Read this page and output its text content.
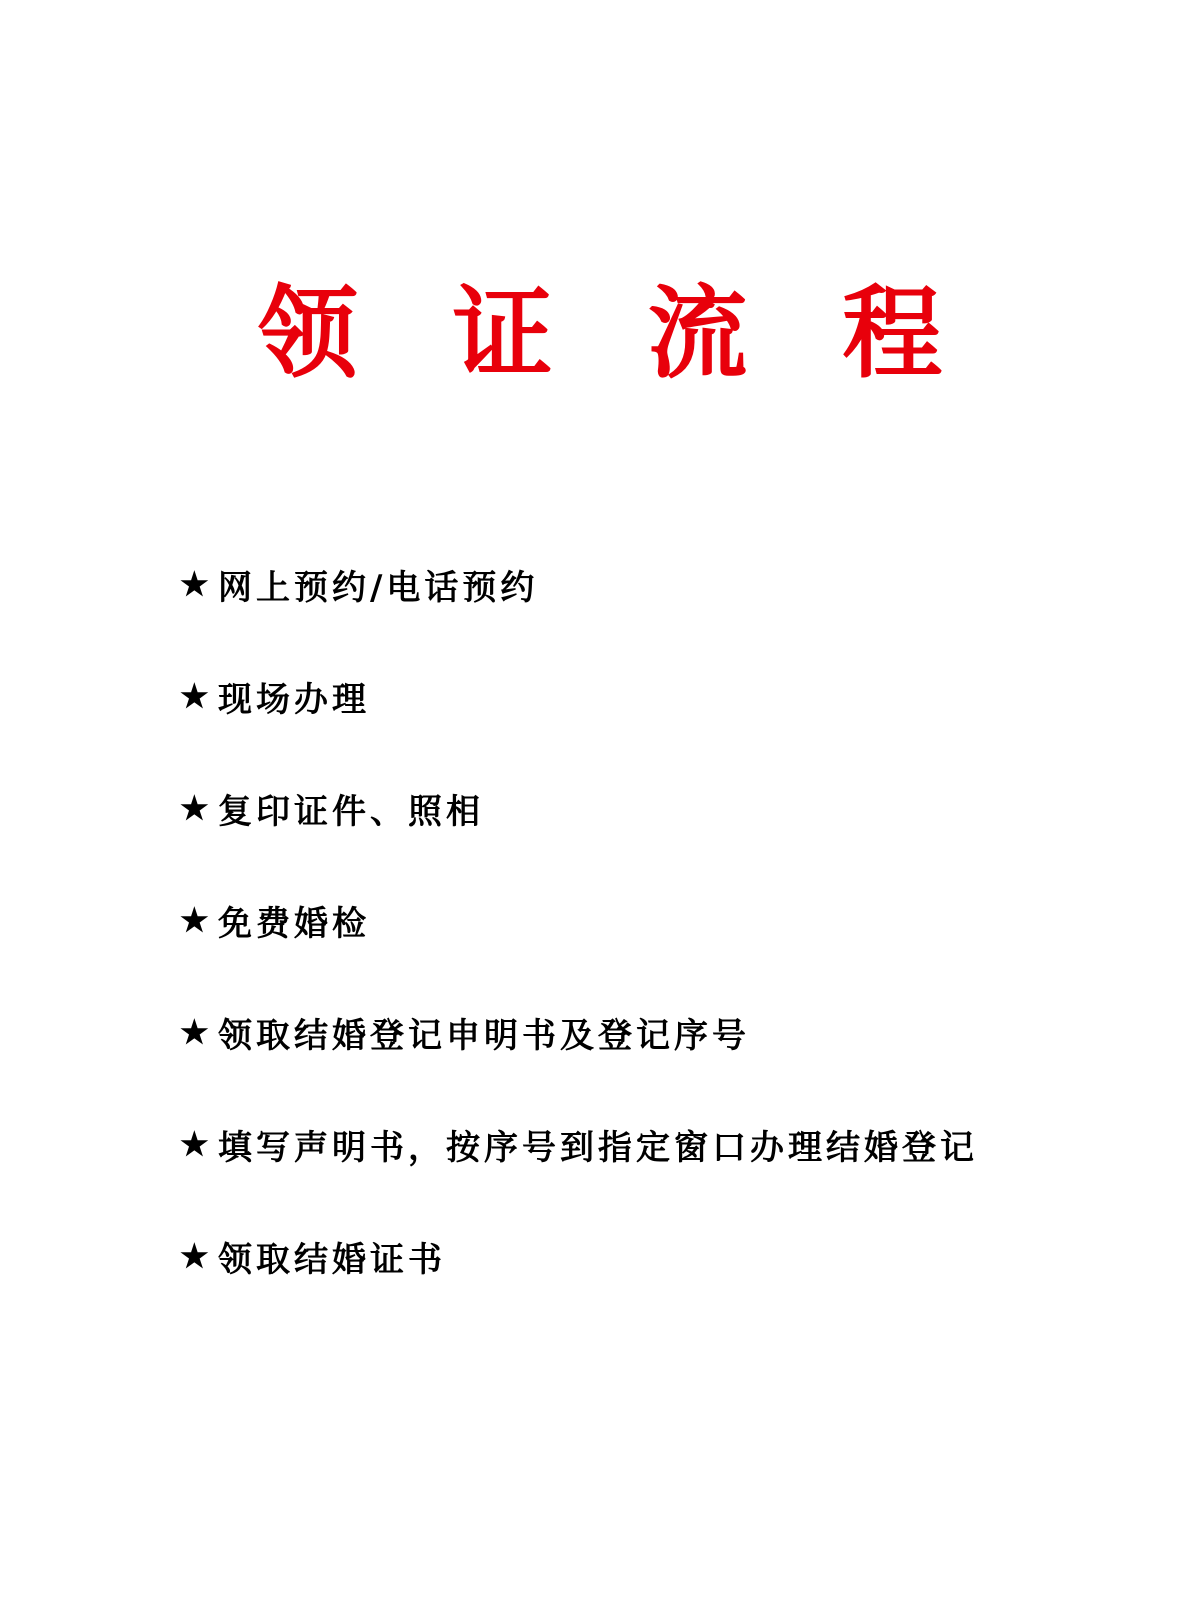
领 证 流 程
★ 网上预约/电话预约
★ 现场办理
★ 复印证件、照相
★ 免费婚检
★ 领取结婚登记申明书及登记序号
★ 填写声明书，按序号到指定窗口办理结婚登记
★ 领取结婚证书
